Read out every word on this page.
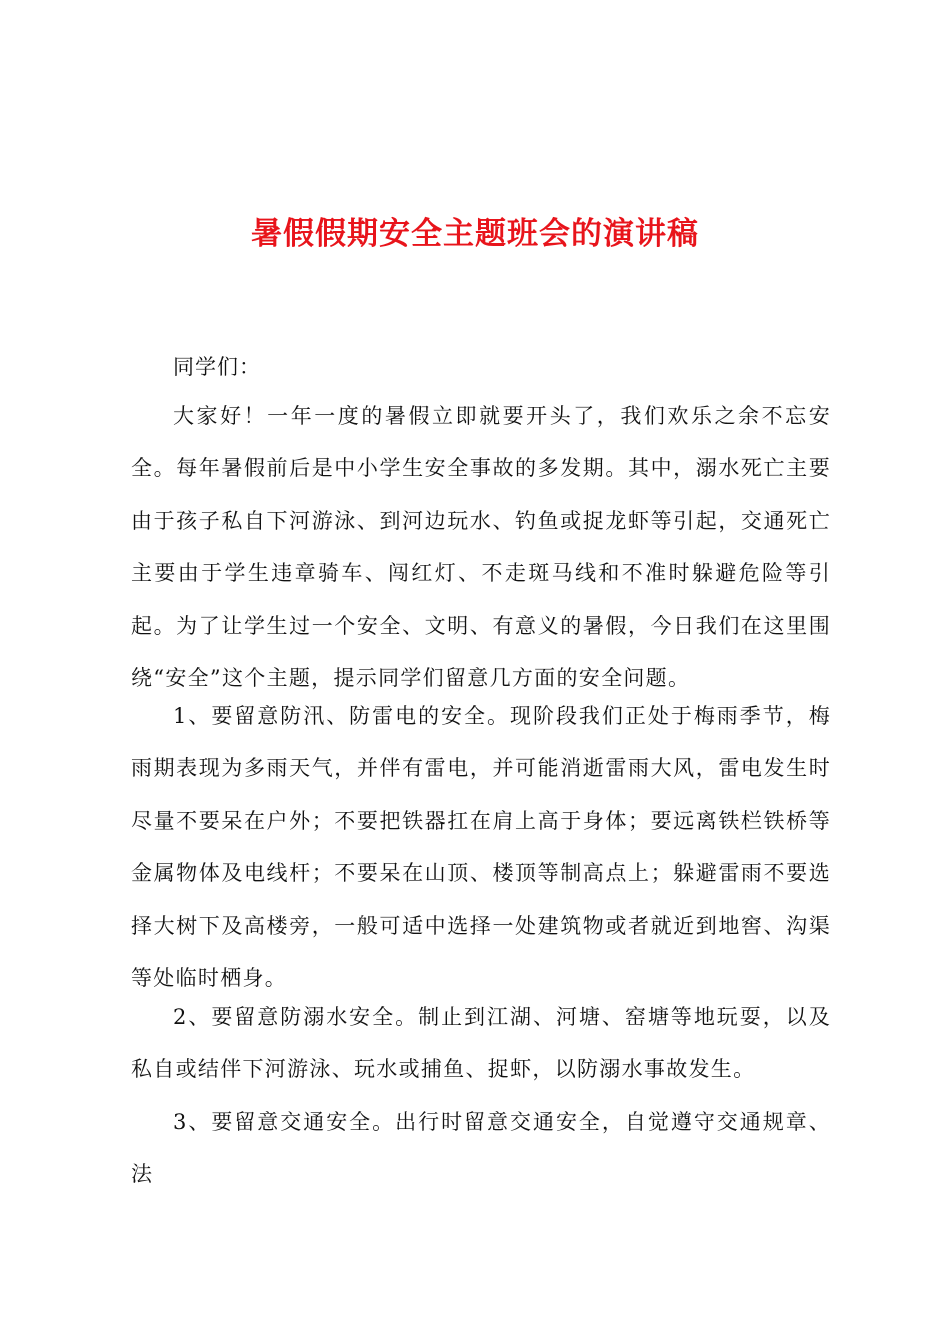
暑假假期安全主题班会的演讲稿
同学们：

大家好！一年一度的暑假立即就要开头了，我们欢乐之余不忘安全。每年暑假前后是中小学生安全事故的多发期。其中，溺水死亡主要由于孩子私自下河游泳、到河边玩水、钓鱼或捉龙虾等引起，交通死亡主要由于学生违章骑车、闯红灯、不走斑马线和不准时躲避危险等引起。为了让学生过一个安全、文明、有意义的暑假，今日我们在这里围绕“安全”这个主题，提示同学们留意几方面的安全问题。

1、要留意防汛、防雷电的安全。现阶段我们正处于梅雨季节，梅雨期表现为多雨天气，并伴有雷电，并可能消逝雷雨大风，雷电发生时尽量不要呆在户外；不要把铁器扛在肩上高于身体；要远离铁栏铁桥等金属物体及电线杆；不要呆在山顶、楼顶等制高点上；躲避雷雨不要选择大树下及高楼旁，一般可适中选择一处建筑物或者就近到地窖、沟渠等处临时栖身。

2、要留意防溺水安全。制止到江湖、河塘、窑塘等地玩耍，以及私自或结伴下河游泳、玩水或捕鱼、捉虾，以防溺水事故发生。

3、要留意交通安全。出行时留意交通安全，自觉遵守交通规章、法
